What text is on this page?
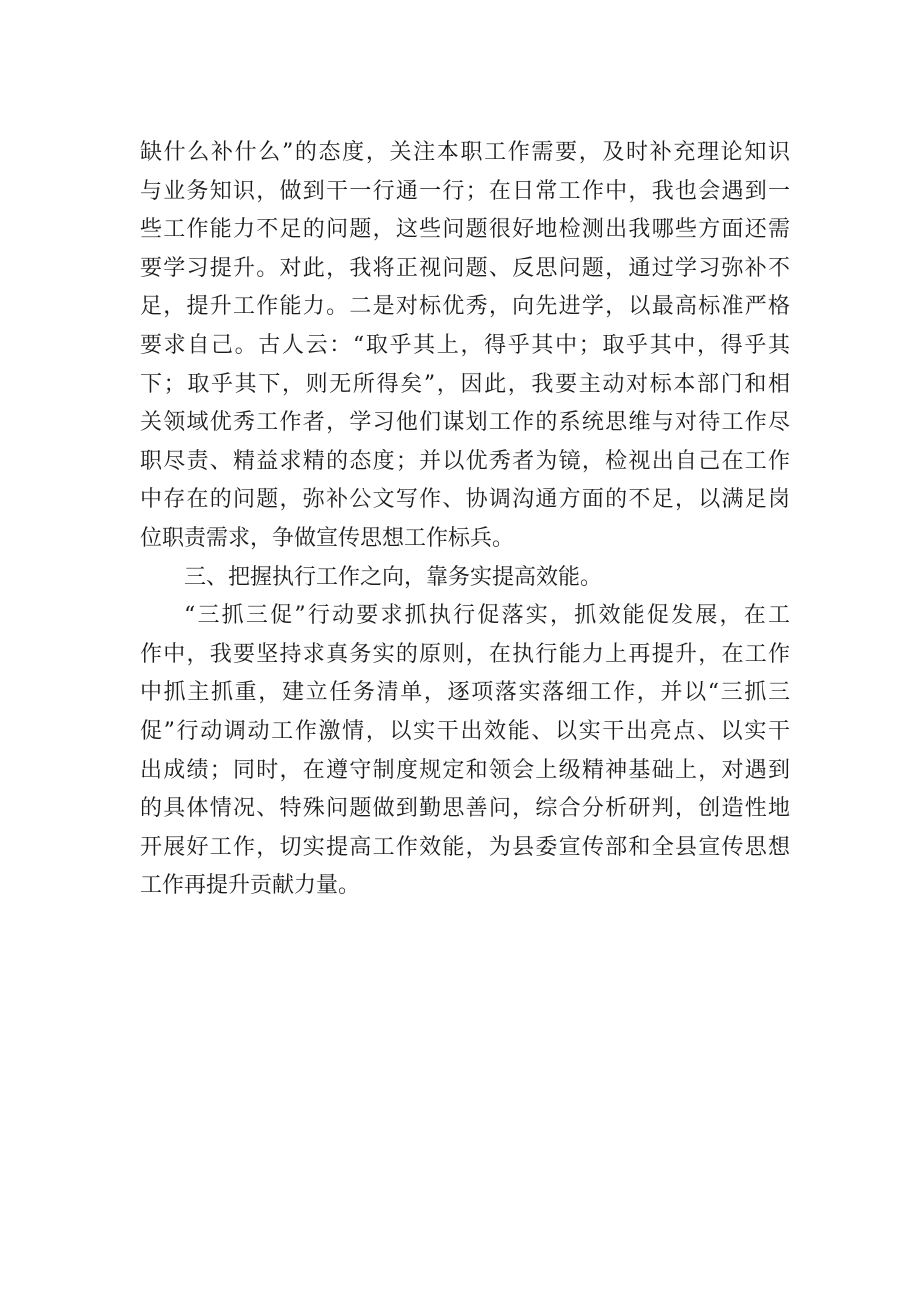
缺什么补什么”的态度，关注本职工作需要，及时补充理论知识
与业务知识，做到干一行通一行；在日常工作中，我也会遇到一
些工作能力不足的问题，这些问题很好地检测出我哪些方面还需
要学习提升。对此，我将正视问题、反思问题，通过学习弥补不
足，提升工作能力。二是对标优秀，向先进学，以最高标准严格
要求自己。古人云：“取乎其上，得乎其中；取乎其中，得乎其
下；取乎其下，则无所得矣”，因此，我要主动对标本部门和相
关领域优秀工作者，学习他们谋划工作的系统思维与对待工作尽
职尽责、精益求精的态度；并以优秀者为镜，检视出自己在工作
中存在的问题，弥补公文写作、协调沟通方面的不足，以满足岗
位职责需求，争做宣传思想工作标兵。
三、把握执行工作之向，靠务实提高效能。
“三抓三促”行动要求抓执行促落实，抓效能促发展，在工
作中，我要坚持求真务实的原则，在执行能力上再提升，在工作
中抓主抓重，建立任务清单，逐项落实落细工作，并以“三抓三
促”行动调动工作激情，以实干出效能、以实干出亮点、以实干
出成绩；同时，在遵守制度规定和领会上级精神基础上，对遇到
的具体情况、特殊问题做到勤思善问，综合分析研判，创造性地
开展好工作，切实提高工作效能，为县委宣传部和全县宣传思想
工作再提升贡献力量。
